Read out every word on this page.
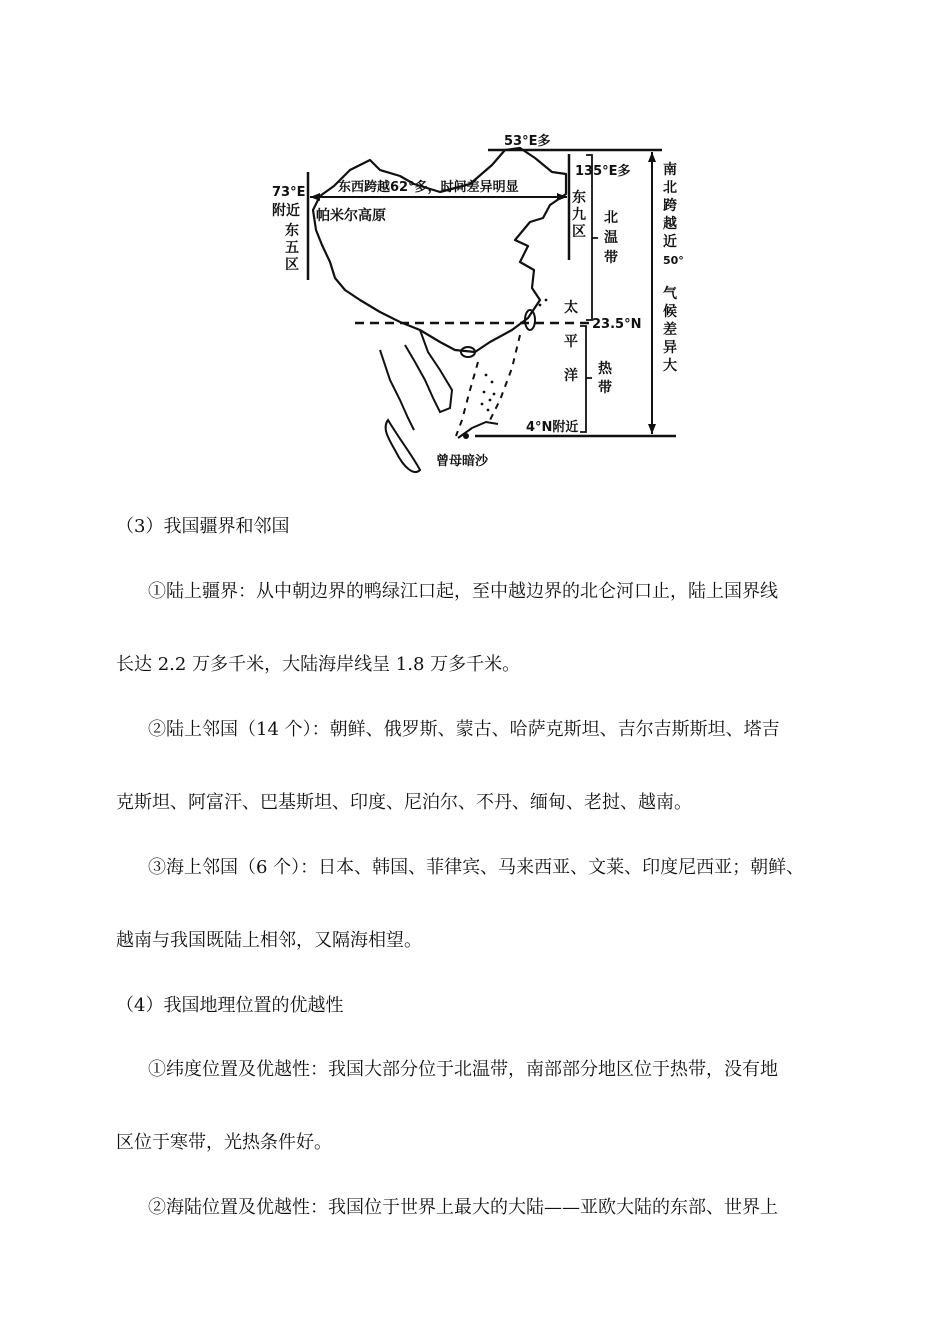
53°E多
135°E多
东西跨越62°多，时间差异明显
73°E
附近
东
五
区
帕米尔高原
东
九
区
北
温
带
南
北
跨
越
近
50°
气
候
差
异
大
太
平
洋
23.5°N
热
带
4°N附近
曾母暗沙
（3）我国疆界和邻国
①陆上疆界：从中朝边界的鸭绿江口起，至中越边界的北仑河口止，陆上国界线
长达 2.2 万多千米，大陆海岸线呈 1.8 万多千米。
②陆上邻国（14 个）：朝鲜、俄罗斯、蒙古、哈萨克斯坦、吉尔吉斯斯坦、塔吉
克斯坦、阿富汗、巴基斯坦、印度、尼泊尔、不丹、缅甸、老挝、越南。
③海上邻国（6 个）：日本、韩国、菲律宾、马来西亚、文莱、印度尼西亚；朝鲜、
越南与我国既陆上相邻，又隔海相望。
（4）我国地理位置的优越性
①纬度位置及优越性：我国大部分位于北温带，南部部分地区位于热带，没有地
区位于寒带，光热条件好。
②海陆位置及优越性：我国位于世界上最大的大陆——亚欧大陆的东部、世界上
